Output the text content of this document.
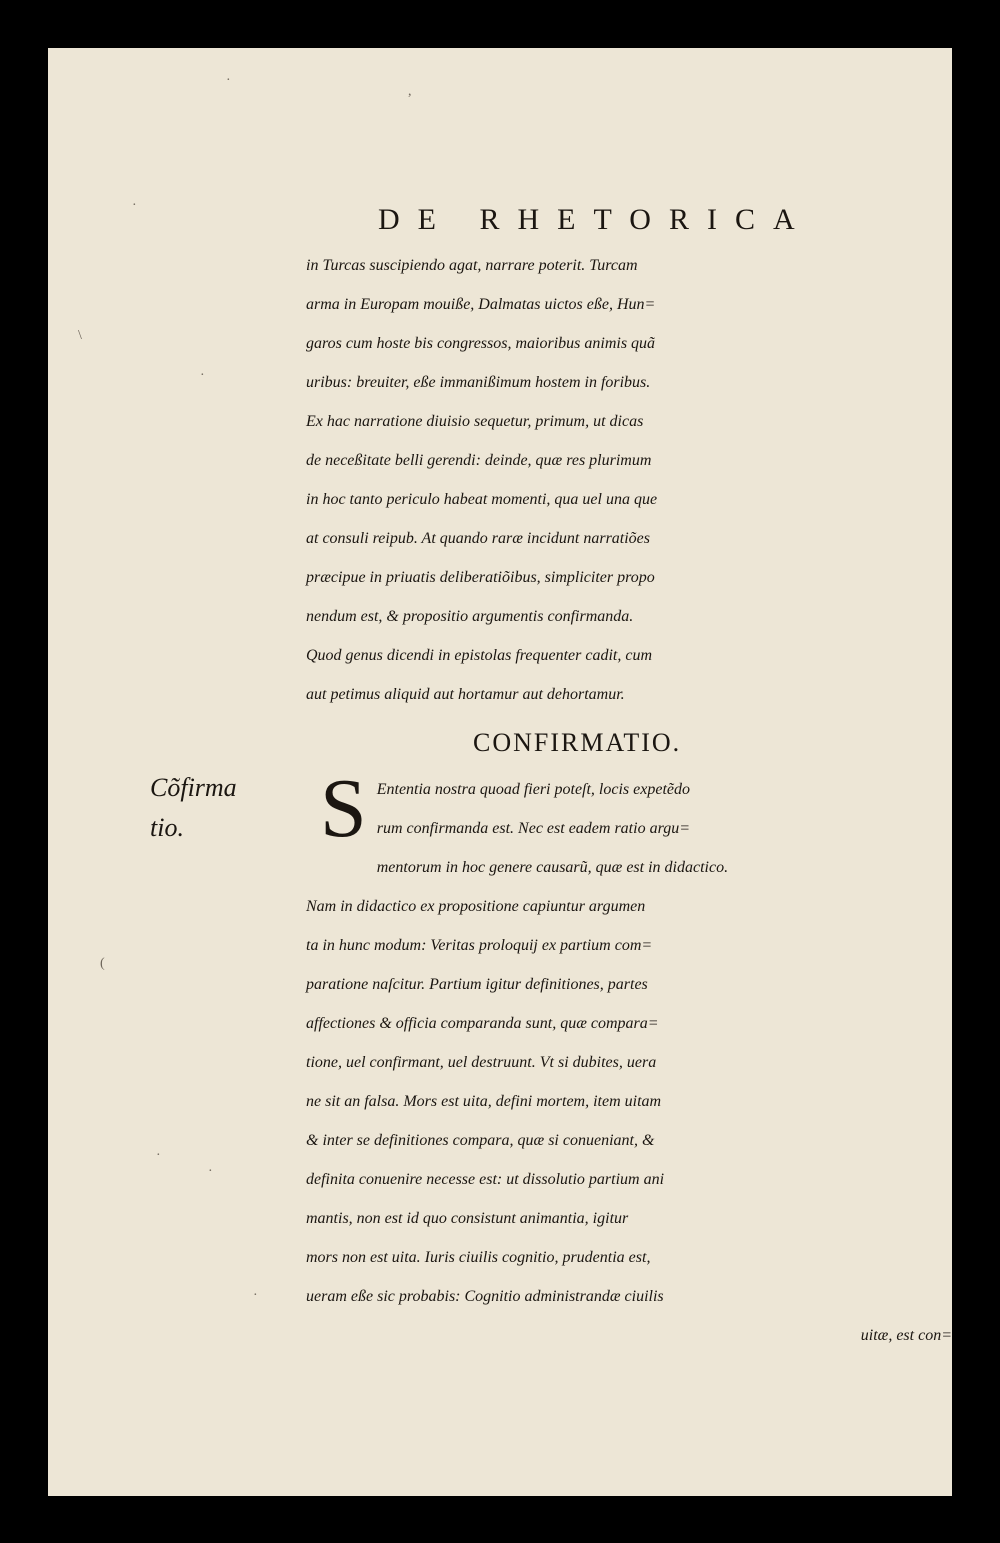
DE RHETORICA
in Turcas suscipiendo agat, narrare poterit. Turcam
arma in Europam mouiße, Dalmatas uictos eße, Hun=
garos cum hoste bis congressos, maioribus animis quã
uribus: breuiter, eße immanißimum hostem in foribus.
Ex hac narratione diuisio sequetur, primum, ut dicas
de neceßitate belli gerendi: deinde, quæ res plurimum
in hoc tanto periculo habeat momenti, qua uel una que
at consuli reipub. At quando raræ incidunt narratiões
præcipue in priuatis deliberatiõibus, simpliciter propo
nendum est, & propositio argumentis confirmanda.
Quod genus dicendi in epistolas frequenter cadit, cum
aut petimus aliquid aut hortamur aut dehortamur.
CONFIRMATIO.
Cõfirma
tio.	S Ententia nostra quoad fieri poteſt, locis expetẽdo
rum confirmanda est. Nec est eadem ratio argu=
mentorum in hoc genere causarũ, quæ est in didactico.
Nam in didactico ex propositione capiuntur argumen
ta in hunc modum: Veritas proloquij ex partium com=
paratione naſcitur. Partium igitur definitiones, partes
affectiones & officia comparanda sunt, quæ compara=
tione, uel confirmant, uel destruunt. Vt si dubites, uera
ne sit an falsa. Mors est uita, defini mortem, item uitam
& inter se definitiones compara, quæ si conueniant, &
definita conuenire necesse est: ut dissolutio partium ani
mantis, non est id quo consistunt animantia, igitur
mors non est uita. Iuris ciuilis cognitio, prudentia est,
ueram eße sic probabis: Cognitio administrandæ ciuilis
uitæ, est con=
·
,
·
\
·
(
·
·
·
